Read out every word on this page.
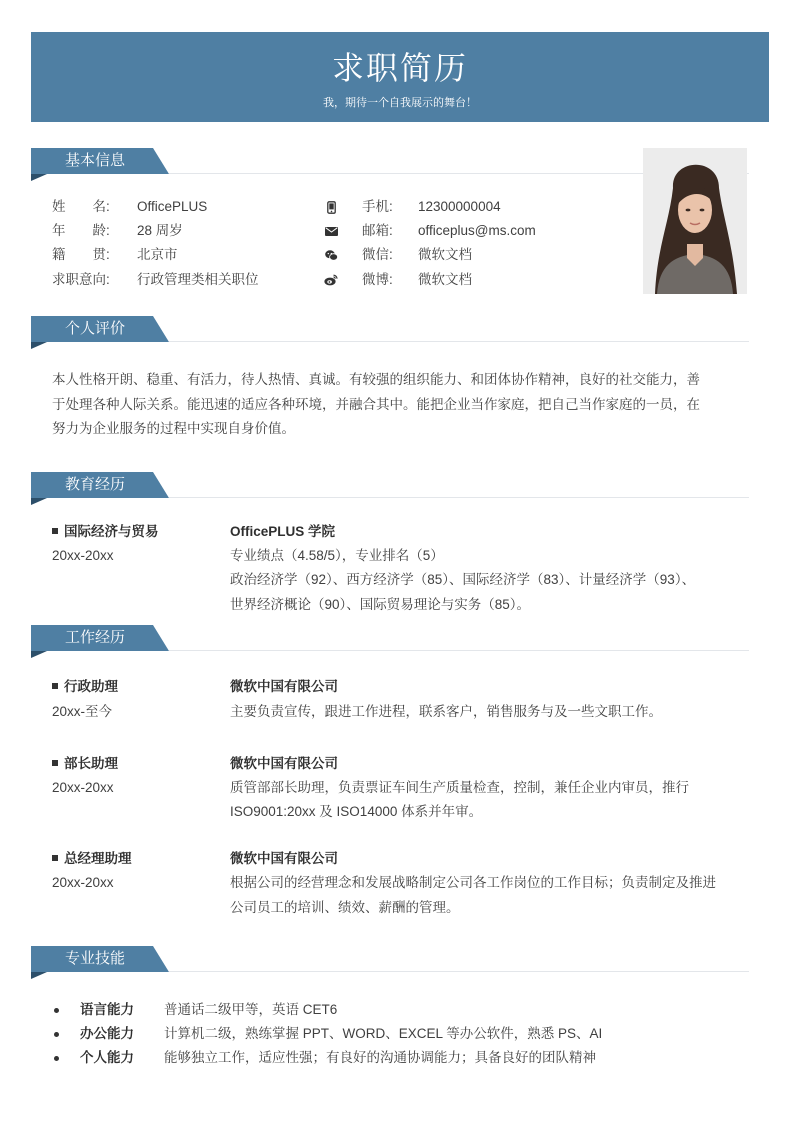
求职简历
我，期待一个自我展示的舞台！
基本信息
姓　　名: OfficePLUS
年　　龄: 28 周岁
籍　　贯: 北京市
求职意向: 行政管理类相关职位
手机: 12300000004
邮箱: officeplus@ms.com
微信: 微软文档
微博: 微软文档
个人评价
本人性格开朗、稳重、有活力，待人热情、真诚。有较强的组织能力、和团体协作精神，良好的社交能力，善
于处理各种人际关系。能迅速的适应各种环境，并融合其中。能把企业当作家庭，把自己当作家庭的一员，在
努力为企业服务的过程中实现自身价值。
教育经历
国际经济与贸易
20xx-20xx
OfficePLUS 学院
专业绩点（4.58/5），专业排名（5）
政治经济学（92）、西方经济学（85）、国际经济学（83）、计量经济学（93）、
世界经济概论（90）、国际贸易理论与实务（85）。
工作经历
行政助理
20xx-至今
微软中国有限公司
主要负责宣传，跟进工作进程，联系客户，销售服务与及一些文职工作。
部长助理
20xx-20xx
微软中国有限公司
质管部部长助理，负责票证车间生产质量检查，控制，兼任企业内审员，推行
ISO9001:20xx 及 ISO14000 体系并年审。
总经理助理
20xx-20xx
微软中国有限公司
根据公司的经营理念和发展战略制定公司各工作岗位的工作目标；负责制定及推进
公司员工的培训、绩效、薪酬的管理。
专业技能
语言能力 普通话二级甲等，英语 CET6
办公能力 计算机二级，熟练掌握 PPT、WORD、EXCEL 等办公软件，熟悉 PS、AI
个人能力 能够独立工作，适应性强；有良好的沟通协调能力；具备良好的团队精神
